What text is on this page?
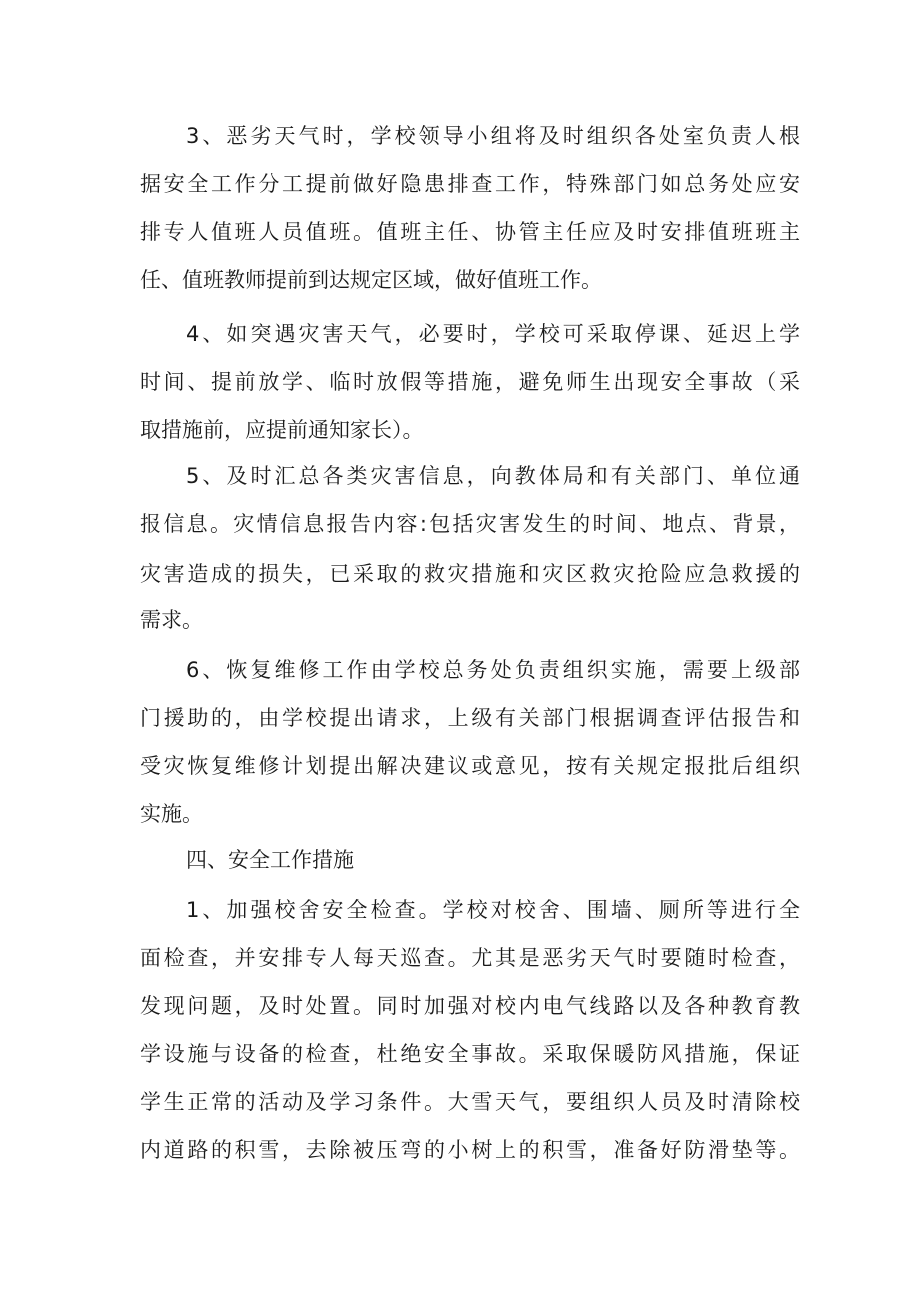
3、恶劣天气时，学校领导小组将及时组织各处室负责人根
据安全工作分工提前做好隐患排查工作，特殊部门如总务处应安
排专人值班人员值班。值班主任、协管主任应及时安排值班班主
任、值班教师提前到达规定区域，做好值班工作。
4、如突遇灾害天气，必要时，学校可采取停课、延迟上学
时间、提前放学、临时放假等措施，避免师生出现安全事故（采
取措施前，应提前通知家长）。
5、及时汇总各类灾害信息，向教体局和有关部门、单位通
报信息。灾情信息报告内容:包括灾害发生的时间、地点、背景，
灾害造成的损失，已采取的救灾措施和灾区救灾抢险应急救援的
需求。
6、恢复维修工作由学校总务处负责组织实施，需要上级部
门援助的，由学校提出请求，上级有关部门根据调查评估报告和
受灾恢复维修计划提出解决建议或意见，按有关规定报批后组织
实施。
四、安全工作措施
1、加强校舍安全检查。学校对校舍、围墙、厕所等进行全
面检查，并安排专人每天巡查。尤其是恶劣天气时要随时检查，
发现问题，及时处置。同时加强对校内电气线路以及各种教育教
学设施与设备的检查，杜绝安全事故。采取保暖防风措施，保证
学生正常的活动及学习条件。大雪天气，要组织人员及时清除校
内道路的积雪，去除被压弯的小树上的积雪，准备好防滑垫等。
